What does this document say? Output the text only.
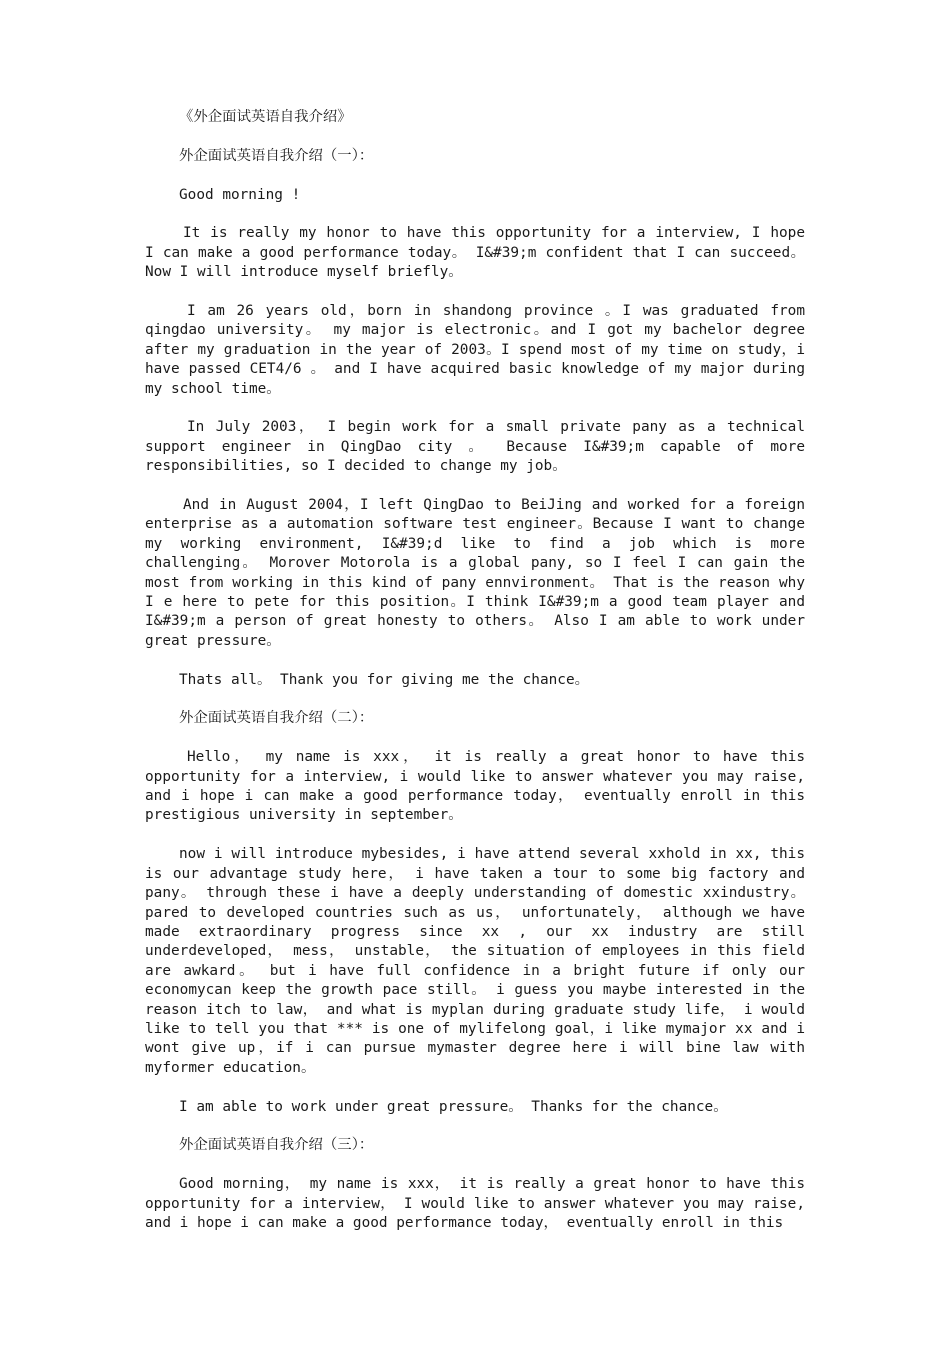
《外企面试英语自我介绍》

外企面试英语自我介绍（一）：

Good morning !

It is really my honor to have this opportunity for a interview, I hope I can make a good performance today。 I&#39;m confident that I can succeed。Now I will introduce myself briefly。

I am 26 years old，born in shandong province 。I was graduated from qingdao university。 my major is electronic。and I got my bachelor degree after my graduation in the year of 2003。I spend most of my time on study，i have passed CET4/6 。 and I have acquired basic knowledge of my major during my school time。

In July 2003， I begin work for a small private pany as a technical support engineer in QingDao city 。 Because I&#39;m capable of more responsibilities, so I decided to change my job。

And in August 2004，I left QingDao to BeiJing and worked for a foreign enterprise as a automation software test engineer。Because I want to change my working environment, I&#39;d like to find a job which is more challenging。 Morover Motorola is a global pany, so I feel I can gain the most from working in this kind of pany ennvironment。 That is the reason why I e here to pete for this position。I think I&#39;m a good team player and I&#39;m a person of great honesty to others。 Also I am able to work under great pressure。

Thats all。 Thank you for giving me the chance。

外企面试英语自我介绍（二）：

Hello， my name is xxx， it is really a great honor to have this opportunity for a interview, i would like to answer whatever you may raise, and i hope i can make a good performance today， eventually enroll in this prestigious university in september。

now i will introduce mybesides, i have attend several xxhold in xx, this is our advantage study here， i have taken a tour to some big factory and pany。 through these i have a deeply understanding of domestic xxindustry。 pared to developed countries such as us， unfortunately， although we have made extraordinary progress since xx , our xx industry are still underdeveloped， mess， unstable， the situation of employees in this field are awkard。 but i have full confidence in a bright future if only our economycan keep the growth pace still。 i guess you maybe interested in the reason itch to law， and what is myplan during graduate study life， i would like to tell you that *** is one of mylifelong goal，i like mymajor xx and i wont give up，if i can pursue mymaster degree here i will bine law with myformer education。

I am able to work under great pressure。 Thanks for the chance。

外企面试英语自我介绍（三）：

Good morning， my name is xxx， it is really a great honor to have this opportunity for a interview， I would like to answer whatever you may raise, and i hope i can make a good performance today， eventually enroll in this
